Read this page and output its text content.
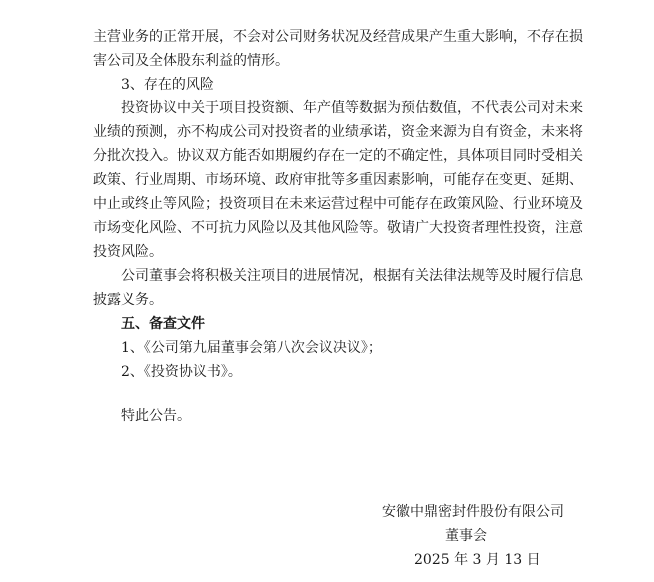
主营业务的正常开展，不会对公司财务状况及经营成果产生重大影响，不存在损

害公司及全体股东利益的情形。

3、存在的风险

投资协议中关于项目投资额、年产值等数据为预估数值，不代表公司对未来

业绩的预测，亦不构成公司对投资者的业绩承诺，资金来源为自有资金，未来将

分批次投入。协议双方能否如期履约存在一定的不确定性，具体项目同时受相关

政策、行业周期、市场环境、政府审批等多重因素影响，可能存在变更、延期、

中止或终止等风险；投资项目在未来运营过程中可能存在政策风险、行业环境及

市场变化风险、不可抗力风险以及其他风险等。敬请广大投资者理性投资，注意

投资风险。

公司董事会将积极关注项目的进展情况，根据有关法律法规等及时履行信息

披露义务。

五、备查文件

1、《公司第九届董事会第八次会议决议》；

2、《投资协议书》。

特此公告。

安徽中鼎密封件股份有限公司

董事会

2025 年 3 月 13 日
